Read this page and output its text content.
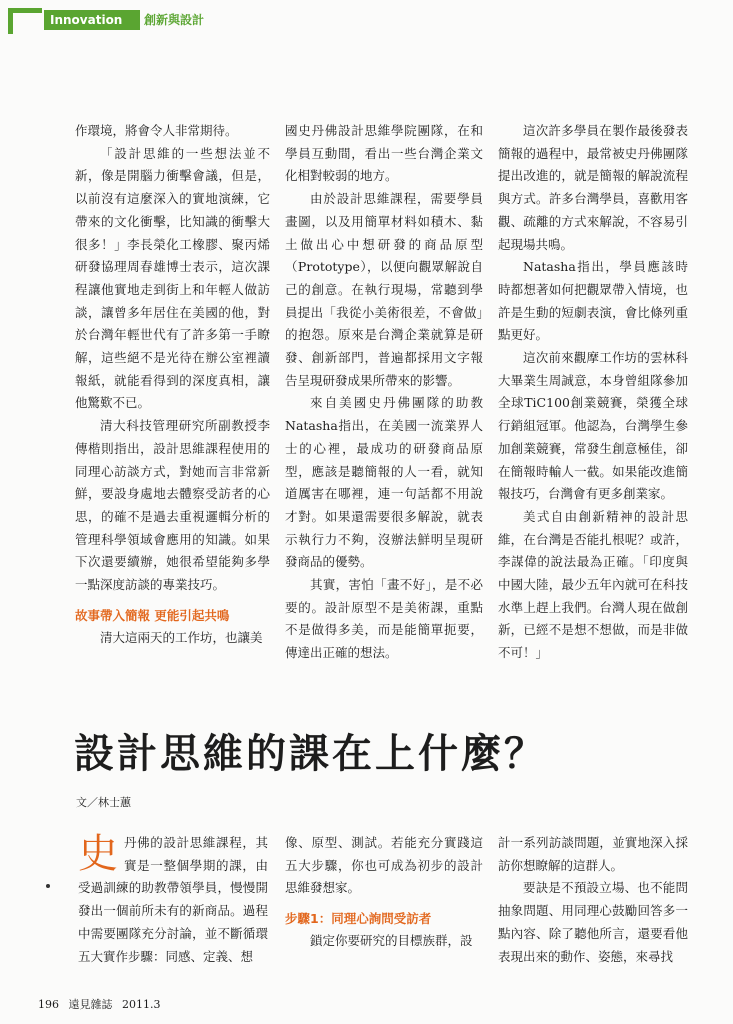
Innovation	創新與設計

作環境，將會令人非常期待。

「設計思維的一些想法並不新，像是開腦力衝擊會議，但是，以前沒有這麼深入的實地演練，它帶來的文化衝擊，比知識的衝擊大很多！」李長榮化工橡膠、聚丙烯研發協理周春雄博士表示，這次課程讓他實地走到街上和年輕人做訪談，讓曾多年居住在美國的他，對於台灣年輕世代有了許多第一手瞭解，這些絕不是光待在辦公室裡讀報紙，就能看得到的深度真相，讓他驚歎不已。

清大科技管理研究所副教授李傳楷則指出，設計思維課程使用的同理心訪談方式，對她而言非常新鮮，要設身處地去體察受訪者的心思，的確不是過去重視邏輯分析的管理科學領域會應用的知識。如果下次還要續辦，她很希望能夠多學一點深度訪談的專業技巧。

故事帶入簡報 更能引起共鳴

清大這兩天的工作坊，也讓美

國史丹佛設計思維學院團隊，在和學員互動間，看出一些台灣企業文化相對較弱的地方。

由於設計思維課程，需要學員畫圖，以及用簡單材料如積木、黏土做出心中想研發的商品原型（Prototype），以便向觀眾解說自己的創意。在執行現場，常聽到學員提出「我從小美術很差，不會做」的抱怨。原來是台灣企業就算是研發、創新部門，普遍都採用文字報告呈現研發成果所帶來的影響。

來自美國史丹佛團隊的助教Natasha指出，在美國一流業界人士的心裡，最成功的研發商品原型，應該是聽簡報的人一看，就知道厲害在哪裡，連一句話都不用說才對。如果還需要很多解說，就表示執行力不夠，沒辦法鮮明呈現研發商品的優勢。

其實，害怕「畫不好」，是不必要的。設計原型不是美術課，重點不是做得多美，而是能簡單扼要，傳達出正確的想法。

這次許多學員在製作最後發表簡報的過程中，最常被史丹佛團隊提出改進的，就是簡報的解說流程與方式。許多台灣學員，喜歡用客觀、疏離的方式來解說，不容易引起現場共鳴。

Natasha指出，學員應該時時都想著如何把觀眾帶入情境，也許是生動的短劇表演，會比條列重點更好。

這次前來觀摩工作坊的雲林科大畢業生周誠意，本身曾組隊參加全球TiC100創業競賽，榮獲全球行銷組冠軍。他認為，台灣學生參加創業競賽，常發生創意極佳，卻在簡報時輸人一截。如果能改進簡報技巧，台灣會有更多創業家。

美式自由創新精神的設計思維，在台灣是否能扎根呢？或許，李謀偉的說法最為正確。「印度與中國大陸，最少五年內就可在科技水準上趕上我們。台灣人現在做創新，已經不是想不想做，而是非做不可！」

設計思維的課在上什麼？
文／林士蕙
史 丹佛的設計思維課程，其實是一整個學期的課，由受過訓練的助教帶領學員，慢慢開發出一個前所未有的新商品。過程中需要團隊充分討論，並不斷循環五大實作步驟：同感、定義、想

像、原型、測試。若能充分實踐這五大步驟，你也可成為初步的設計思維發想家。

步驟1：同理心詢問受訪者

鎖定你要研究的目標族群，設

計一系列訪談問題，並實地深入採訪你想瞭解的這群人。

要訣是不預設立場、也不能問抽象問題、用同理心鼓勵回答多一點內容、除了聽他所言，還要看他表現出來的動作、姿態，來尋找

196 遠見雜誌 2011.3
